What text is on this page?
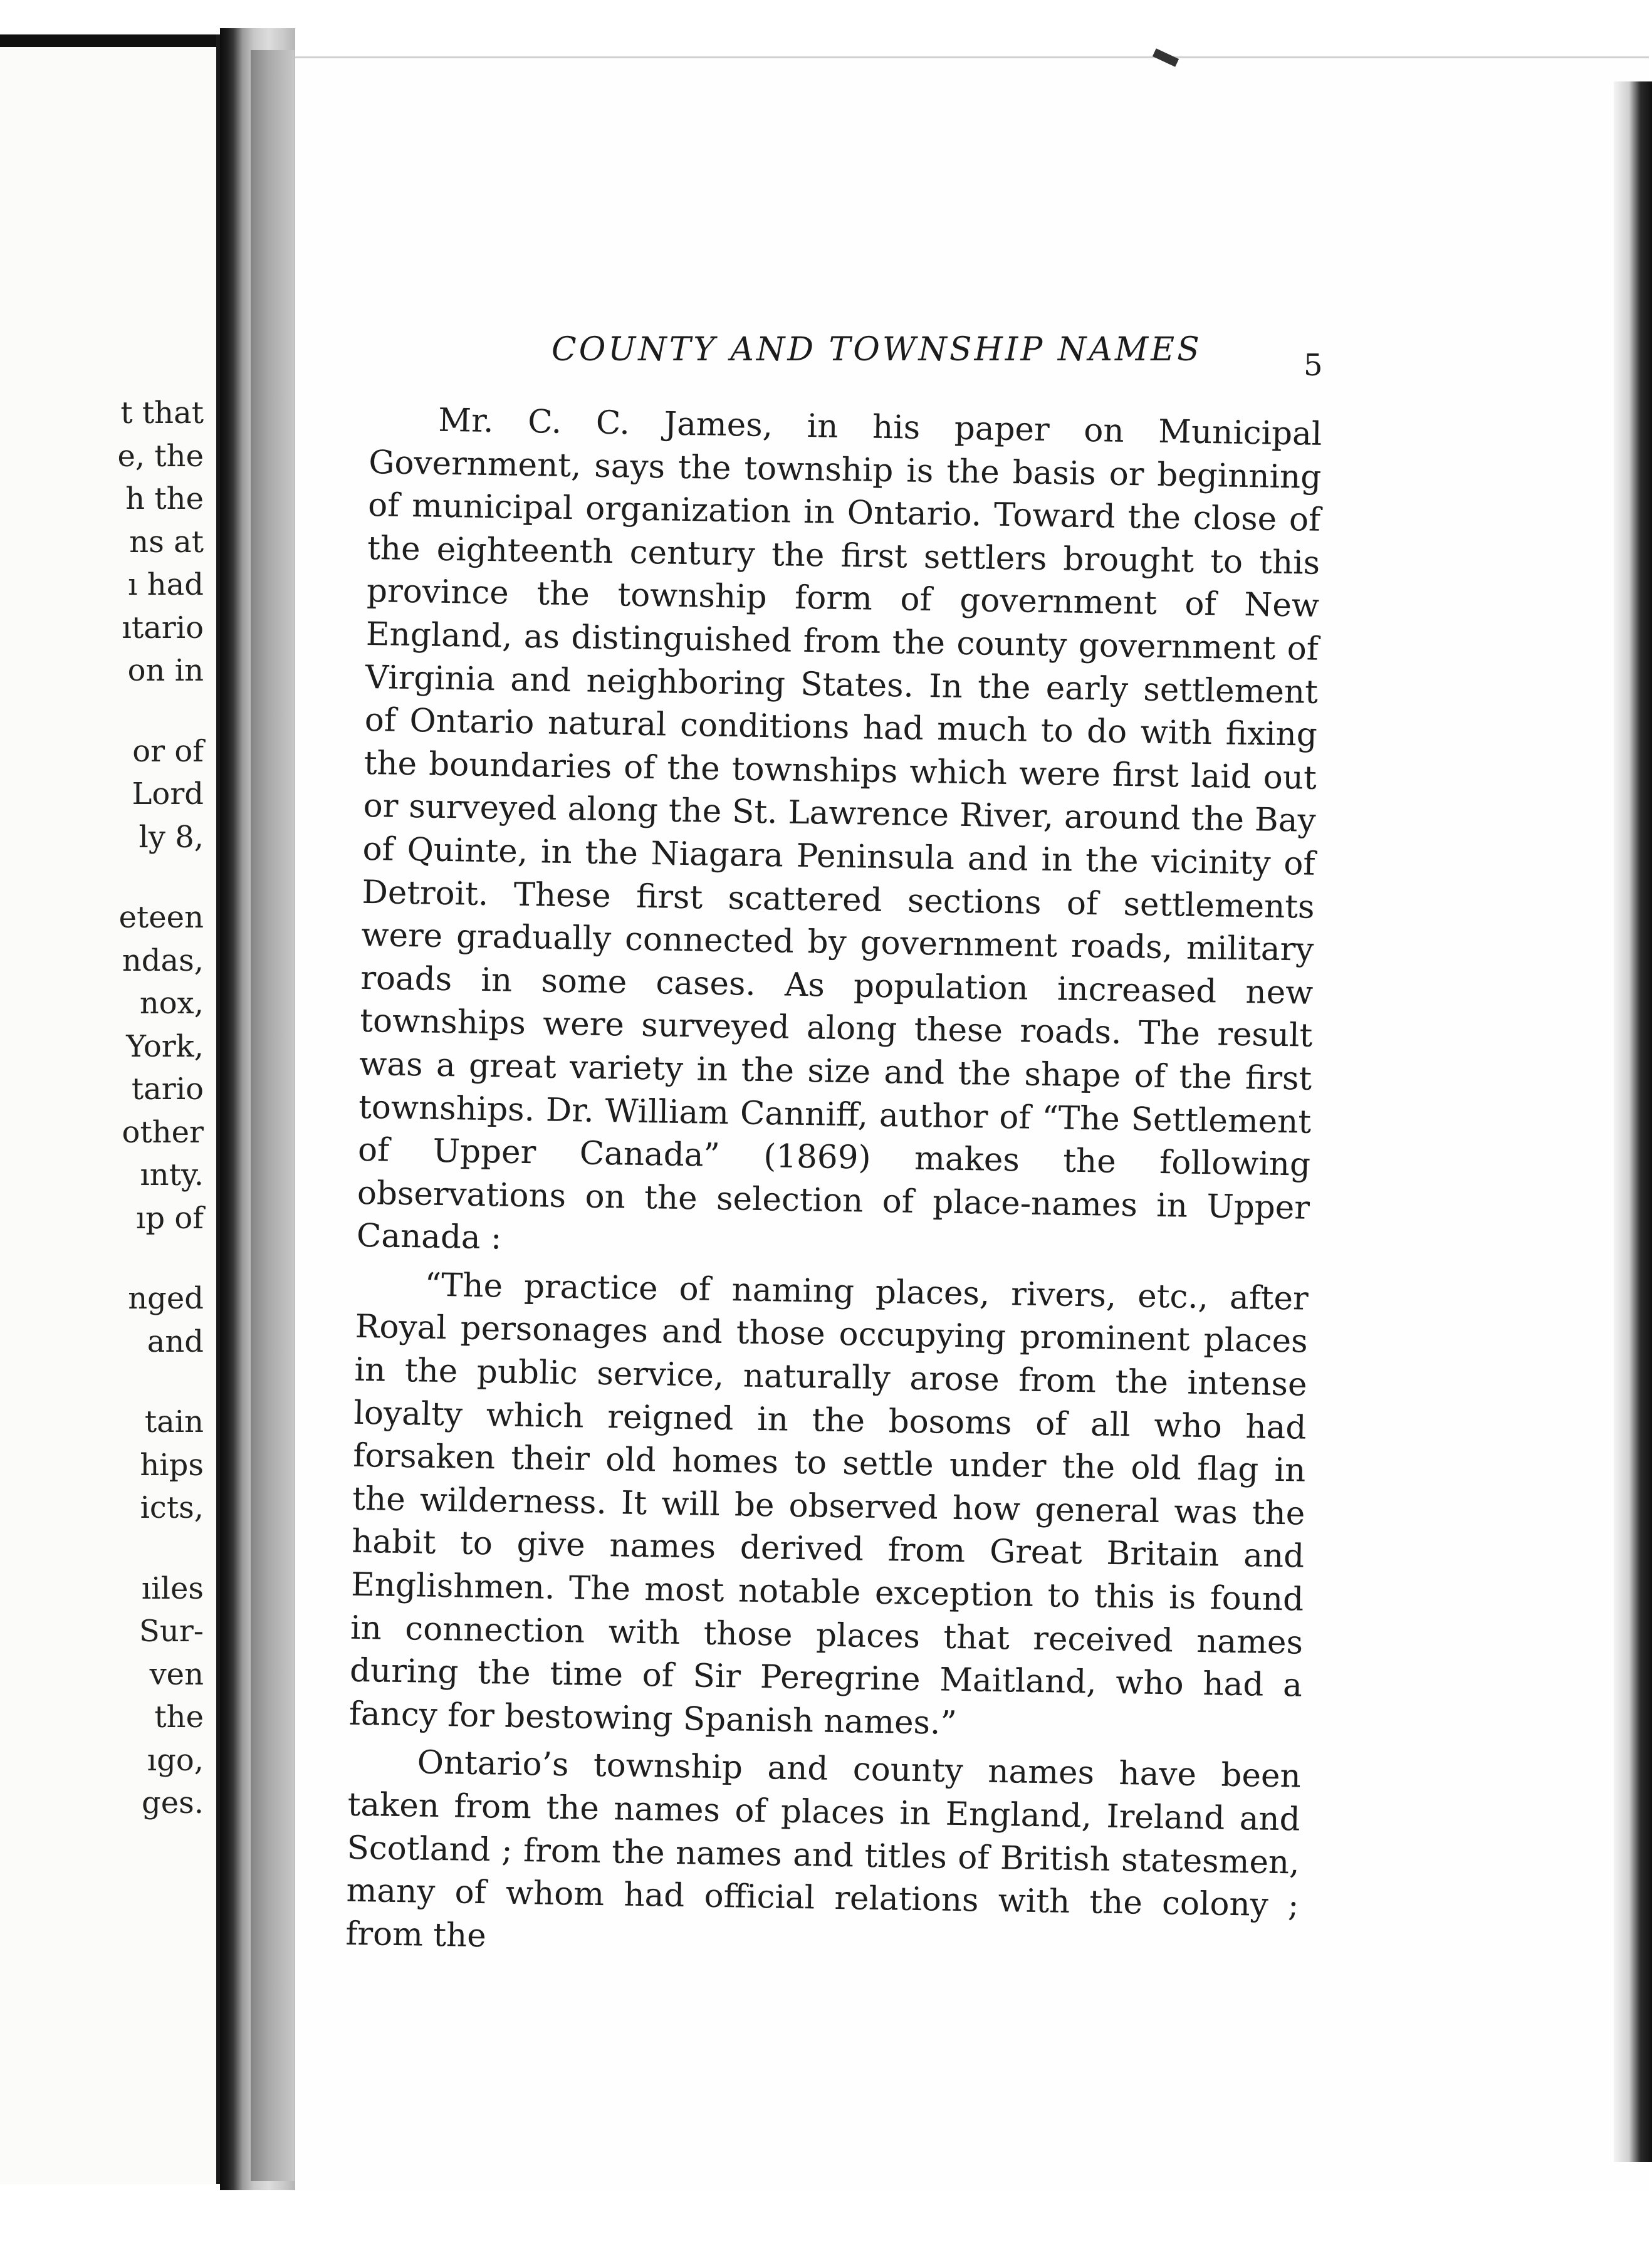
t that
e, the
h the
ns at
ı had
ıtario
on in
or of
Lord
ly 8,
eteen
ndas,
nox,
York,
tario
other
ınty.
ıp of
nged
and
tain
hips
icts,
ıiles
Sur-
ven
the
ıgo,
ges.
COUNTY AND TOWNSHIP NAMES	5

Mr. C. C. James, in his paper on Municipal Government, says the township is the basis or beginning of municipal organization in Ontario. Toward the close of the eighteenth century the first settlers brought to this province the township form of government of New England, as distinguished from the county government of Virginia and neighboring States. In the early settlement of Ontario natural conditions had much to do with fixing the boundaries of the townships which were first laid out or surveyed along the St. Lawrence River, around the Bay of Quinte, in the Niagara Peninsula and in the vicinity of Detroit. These first scattered sections of settlements were gradually connected by government roads, military roads in some cases. As population increased new townships were surveyed along these roads. The result was a great variety in the size and the shape of the first townships. Dr. William Canniff, author of “The Settlement of Upper Canada” (1869) makes the following observations on the selection of place-names in Upper Canada :

“The practice of naming places, rivers, etc., after Royal personages and those occupying prominent places in the public service, naturally arose from the intense loyalty which reigned in the bosoms of all who had forsaken their old homes to settle under the old flag in the wilderness. It will be observed how general was the habit to give names derived from Great Britain and Englishmen. The most notable exception to this is found in connection with those places that received names during the time of Sir Peregrine Maitland, who had a fancy for bestowing Spanish names.”

Ontario’s township and county names have been taken from the names of places in England, Ireland and Scotland ; from the names and titles of British statesmen, many of whom had official relations with the colony ; from the
